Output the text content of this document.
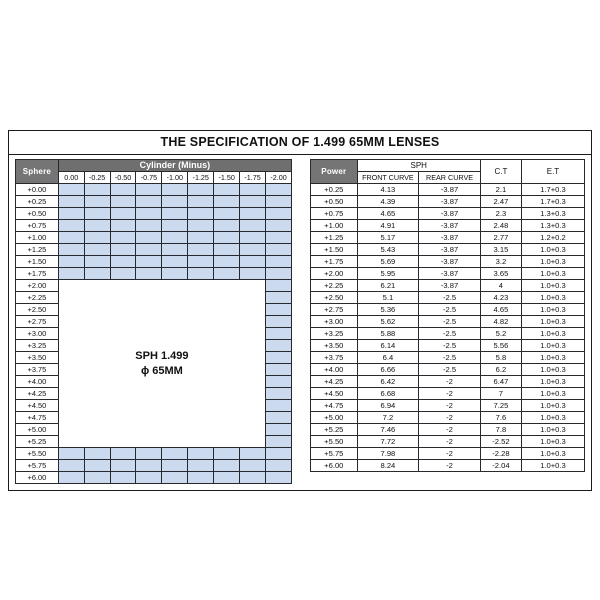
THE SPECIFICATION OF 1.499 65MM LENSES
Sphere	Cylinder (Minus)								
	0.00	-0.25	-0.50	-0.75	-1.00	-1.25	-1.50	-1.75	-2.00
+0.00									
+0.25									
+0.50									
+0.75									
+1.00									
+1.25									
+1.50									
+1.75									
+2.00	SPH 1.499
ϕ 65MM								

+2.25									
+2.50									
+2.75									
+3.00									
+3.25									
+3.50									
+3.75									
+4.00									
+4.25									
+4.50									
+4.75									
+5.00									
+5.25									
+5.50									
+5.75									
+6.00									
Power	SPH		C.T	E.T
	FRONT CURVE	REAR CURVE		
+0.25	4.13	-3.87	2.1	1.7+0.3
+0.50	4.39	-3.87	2.47	1.7+0.3
+0.75	4.65	-3.87	2.3	1.3+0.3
+1.00	4.91	-3.87	2.48	1.3+0.3
+1.25	5.17	-3.87	2.77	1.2+0.2
+1.50	5.43	-3.87	3.15	1.0+0.3
+1.75	5.69	-3.87	3.2	1.0+0.3
+2.00	5.95	-3.87	3.65	1.0+0.3
+2.25	6.21	-3.87	4	1.0+0.3
+2.50	5.1	-2.5	4.23	1.0+0.3
+2.75	5.36	-2.5	4.65	1.0+0.3
+3.00	5.62	-2.5	4.82	1.0+0.3
+3.25	5.88	-2.5	5.2	1.0+0.3
+3.50	6.14	-2.5	5.56	1.0+0.3
+3.75	6.4	-2.5	5.8	1.0+0.3
+4.00	6.66	-2.5	6.2	1.0+0.3
+4.25	6.42	-2	6.47	1.0+0.3
+4.50	6.68	-2	7	1.0+0.3
+4.75	6.94	-2	7.25	1.0+0.3
+5.00	7.2	-2	7.6	1.0+0.3
+5.25	7.46	-2	7.8	1.0+0.3
+5.50	7.72	-2	-2.52	1.0+0.3
+5.75	7.98	-2	-2.28	1.0+0.3
+6.00	8.24	-2	-2.04	1.0+0.3
